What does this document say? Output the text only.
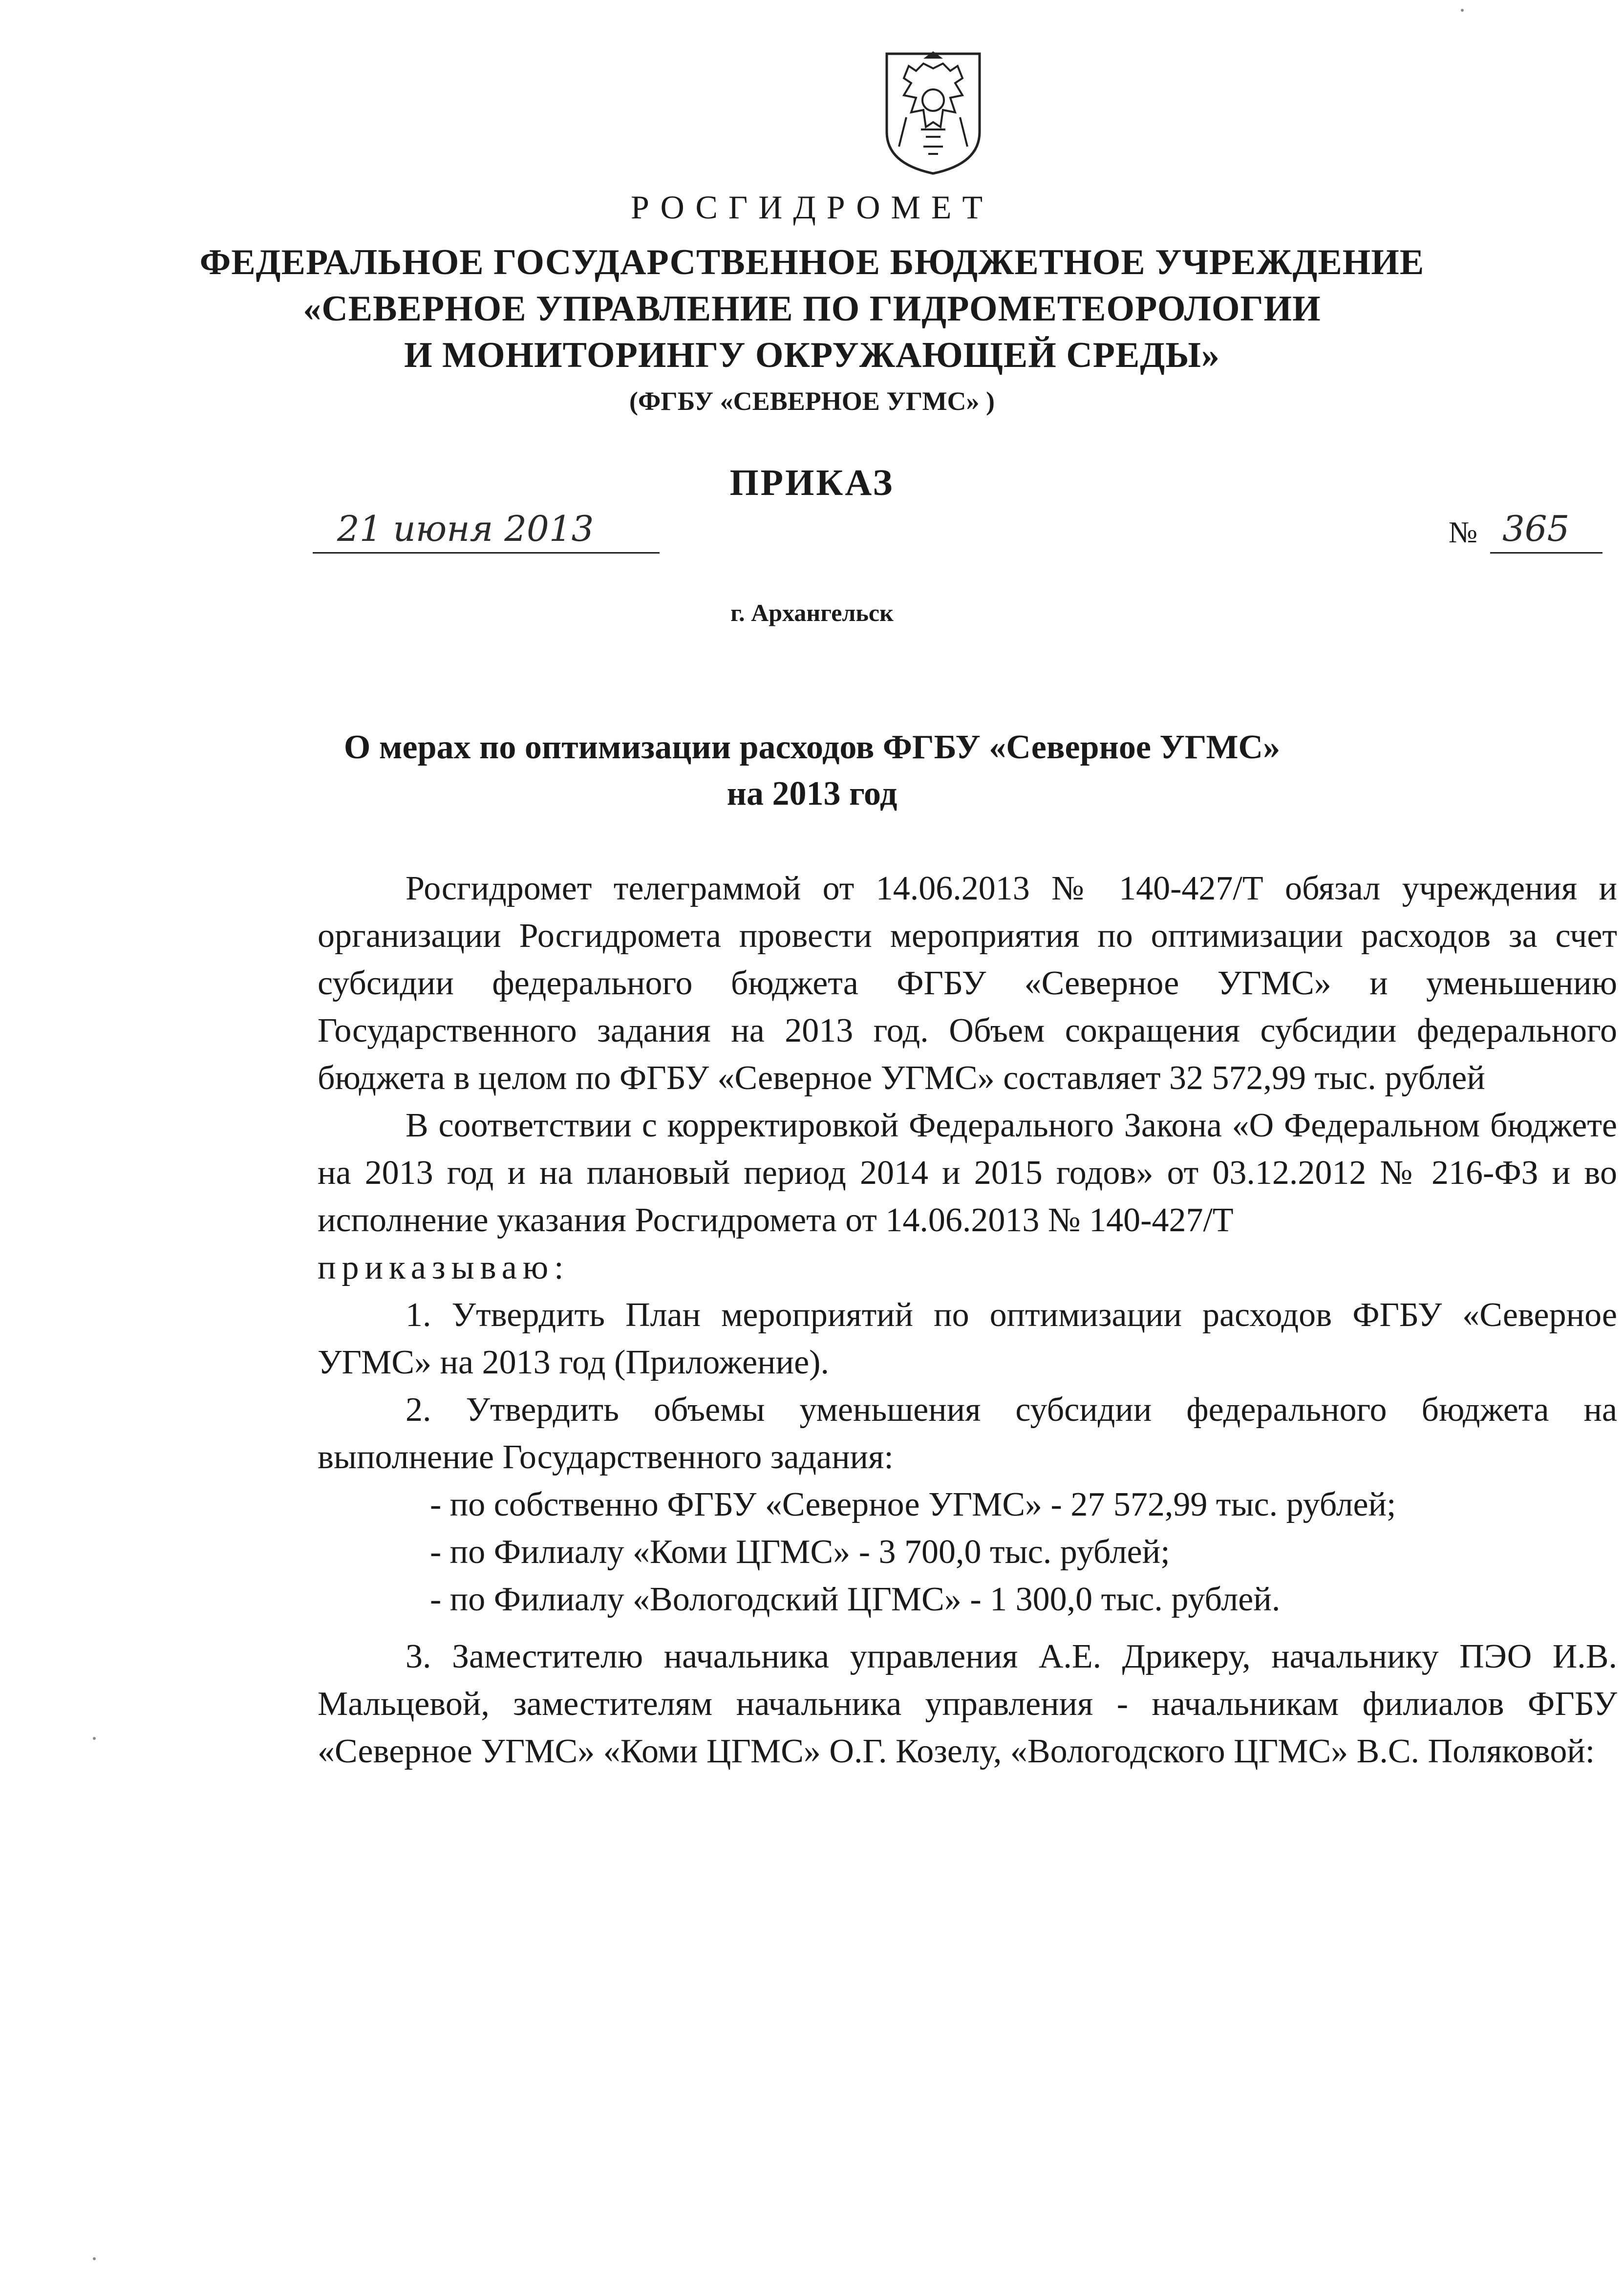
РОСГИДРОМЕТ
ФЕДЕРАЛЬНОЕ ГОСУДАРСТВЕННОЕ БЮДЖЕТНОЕ УЧРЕЖДЕНИЕ
«СЕВЕРНОЕ УПРАВЛЕНИЕ ПО ГИДРОМЕТЕОРОЛОГИИ
И МОНИТОРИНГУ ОКРУЖАЮЩЕЙ СРЕДЫ»
(ФГБУ «СЕВЕРНОЕ УГМС» )
ПРИКАЗ
21 июня 2013	№ 365
г. Архангельск
О мерах по оптимизации расходов ФГБУ «Северное УГМС»
на 2013 год

Росгидромет телеграммой от 14.06.2013 № 140-427/Т обязал учреждения и организации Росгидромета провести мероприятия по оптимизации расходов за счет субсидии федерального бюджета ФГБУ «Северное УГМС» и уменьшению Государственного задания на 2013 год. Объем сокращения субсидии федерального бюджета в целом по ФГБУ «Северное УГМС» составляет 32 572,99 тыс. рублей

В соответствии с корректировкой Федерального Закона «О Федеральном бюджете на 2013 год и на плановый период 2014 и 2015 годов» от 03.12.2012 № 216-ФЗ и во исполнение указания Росгидромета от 14.06.2013 № 140-427/Т

приказываю:

1. Утвердить План мероприятий по оптимизации расходов ФГБУ «Северное УГМС» на 2013 год (Приложение).

2. Утвердить объемы уменьшения субсидии федерального бюджета на выполнение Государственного задания:

- по собственно ФГБУ «Северное УГМС» - 27 572,99 тыс. рублей;
- по Филиалу «Коми ЦГМС» - 3 700,0 тыс. рублей;
- по Филиалу «Вологодский ЦГМС» - 1 300,0 тыс. рублей.

3. Заместителю начальника управления А.Е. Дрикеру, начальнику ПЭО И.В. Мальцевой, заместителям начальника управления - начальникам филиалов ФГБУ «Северное УГМС» «Коми ЦГМС» О.Г. Козелу, «Вологодского ЦГМС» В.С. Поляковой:
